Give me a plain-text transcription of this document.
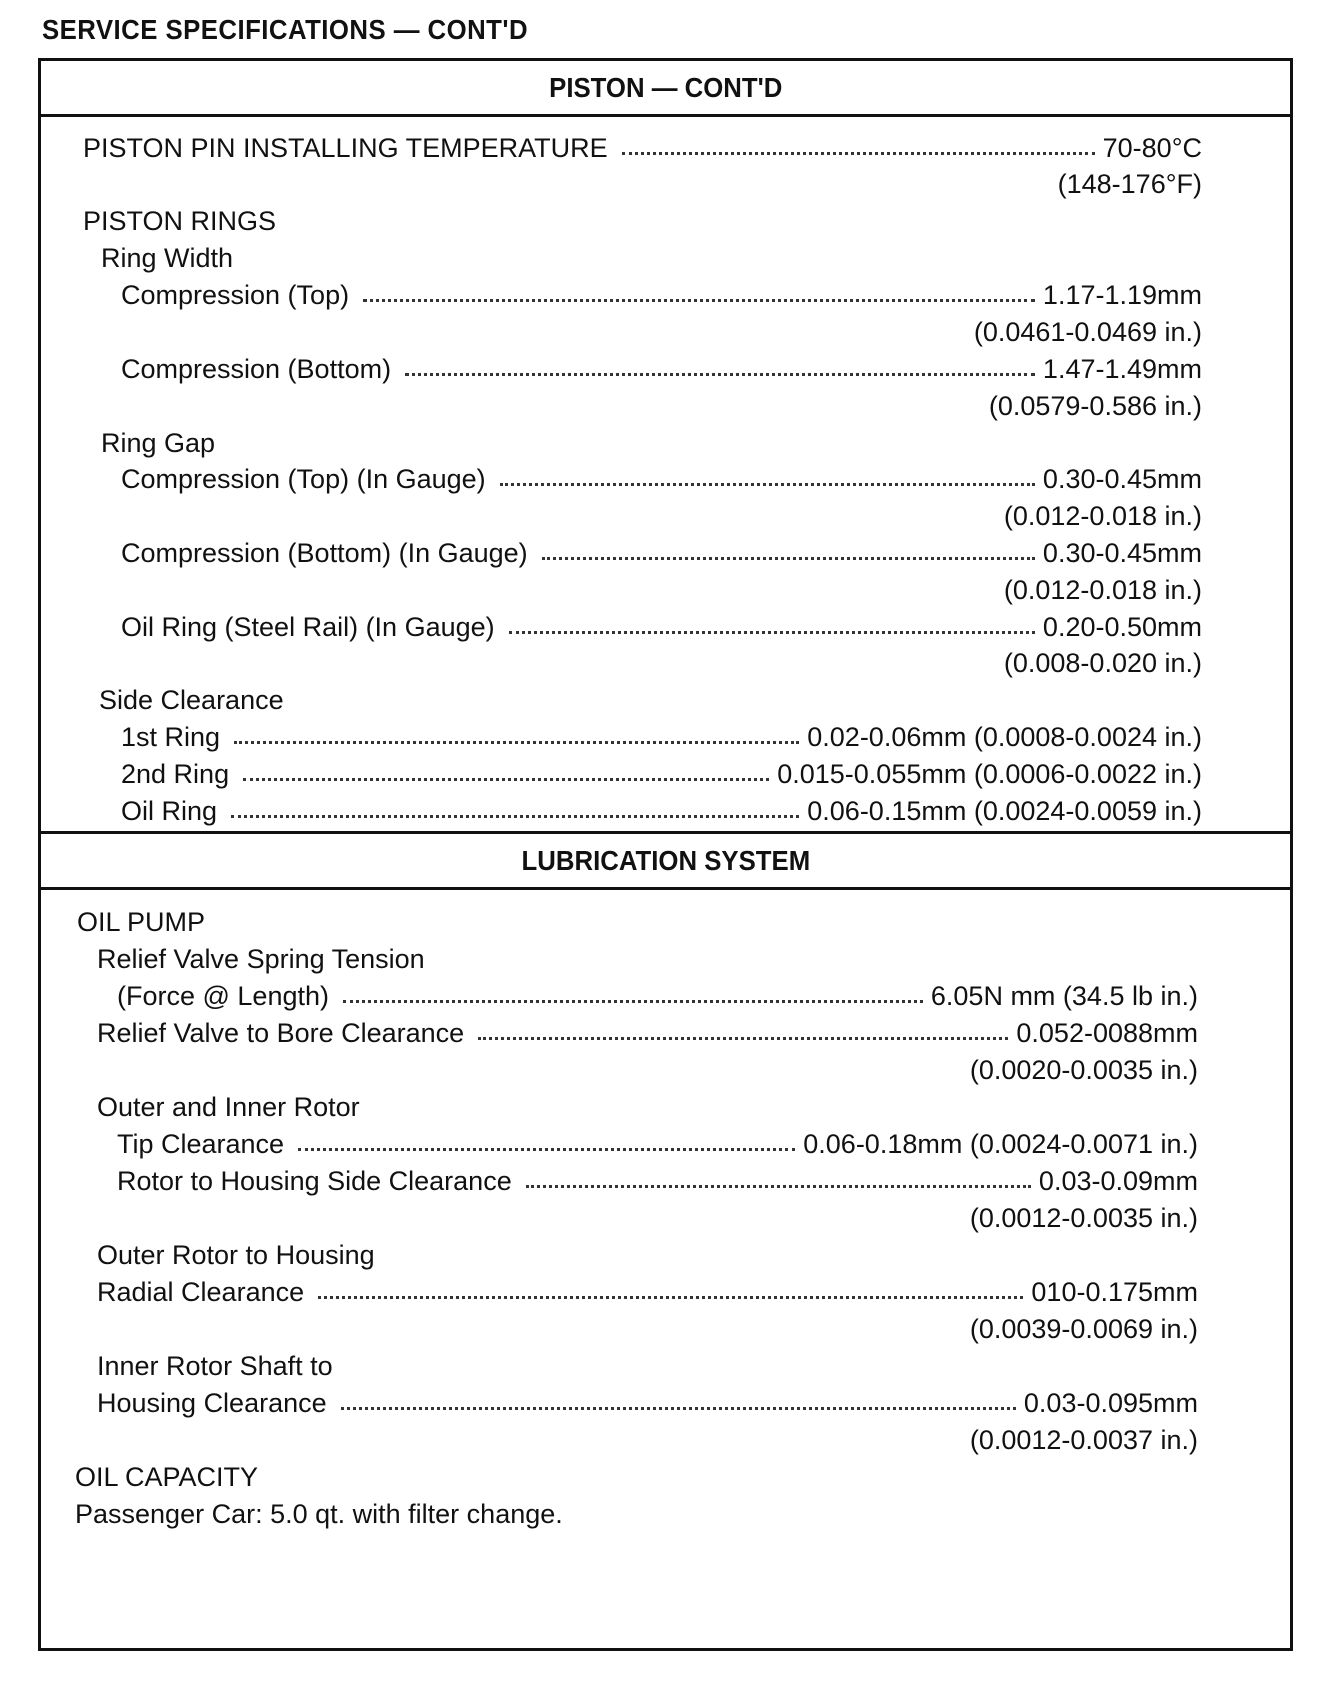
SERVICE SPECIFICATIONS — CONT'D
PISTON — CONT'D
PISTON PIN INSTALLING TEMPERATURE	70-80°C
(148-176°F)
PISTON RINGS
Ring Width
Compression (Top)	1.17-1.19mm
(0.0461-0.0469 in.)
Compression (Bottom)	1.47-1.49mm
(0.0579-0.586 in.)
Ring Gap
Compression (Top) (In Gauge)	0.30-0.45mm
(0.012-0.018 in.)
Compression (Bottom) (In Gauge)	0.30-0.45mm
(0.012-0.018 in.)
Oil Ring (Steel Rail) (In Gauge)	0.20-0.50mm
(0.008-0.020 in.)
Side Clearance
1st Ring	0.02-0.06mm (0.0008-0.0024 in.)
2nd Ring	0.015-0.055mm (0.0006-0.0022 in.)
Oil Ring	0.06-0.15mm (0.0024-0.0059 in.)
LUBRICATION SYSTEM
OIL PUMP
Relief Valve Spring Tension
(Force @ Length)	6.05N mm (34.5 lb in.)
Relief Valve to Bore Clearance	0.052-0088mm
(0.0020-0.0035 in.)
Outer and Inner Rotor
Tip Clearance	0.06-0.18mm (0.0024-0.0071 in.)
Rotor to Housing Side Clearance	0.03-0.09mm
(0.0012-0.0035 in.)
Outer Rotor to Housing
Radial Clearance	010-0.175mm
(0.0039-0.0069 in.)
Inner Rotor Shaft to
Housing Clearance	0.03-0.095mm
(0.0012-0.0037 in.)
OIL CAPACITY
Passenger Car: 5.0 qt. with filter change.
